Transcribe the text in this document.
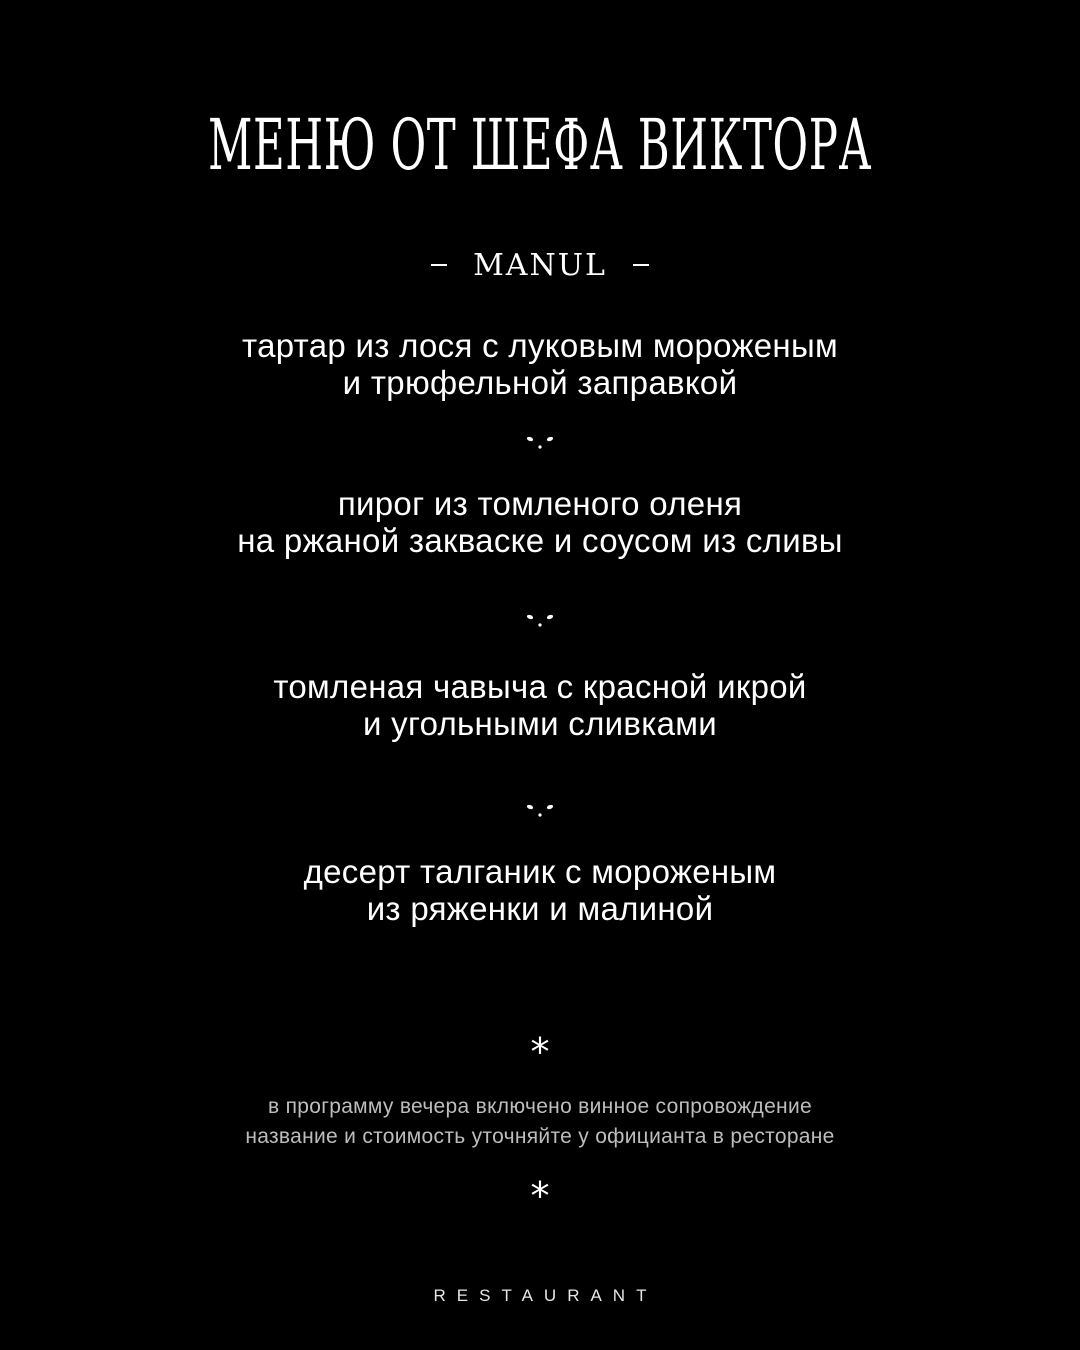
МЕНЮ ОТ ШЕФА ВИКТОРА
MANUL
тартар из лося с луковым мороженым
и трюфельной заправкой
пирог из томленого оленя
на ржаной закваске и соусом из сливы
томленая чавыча с красной икрой
и угольными сливками
десерт талганик с мороженым
из ряженки и малиной
*
в программу вечера включено винное сопровождение
название и стоимость уточняйте у официанта в ресторане
*
RESTAURANT
